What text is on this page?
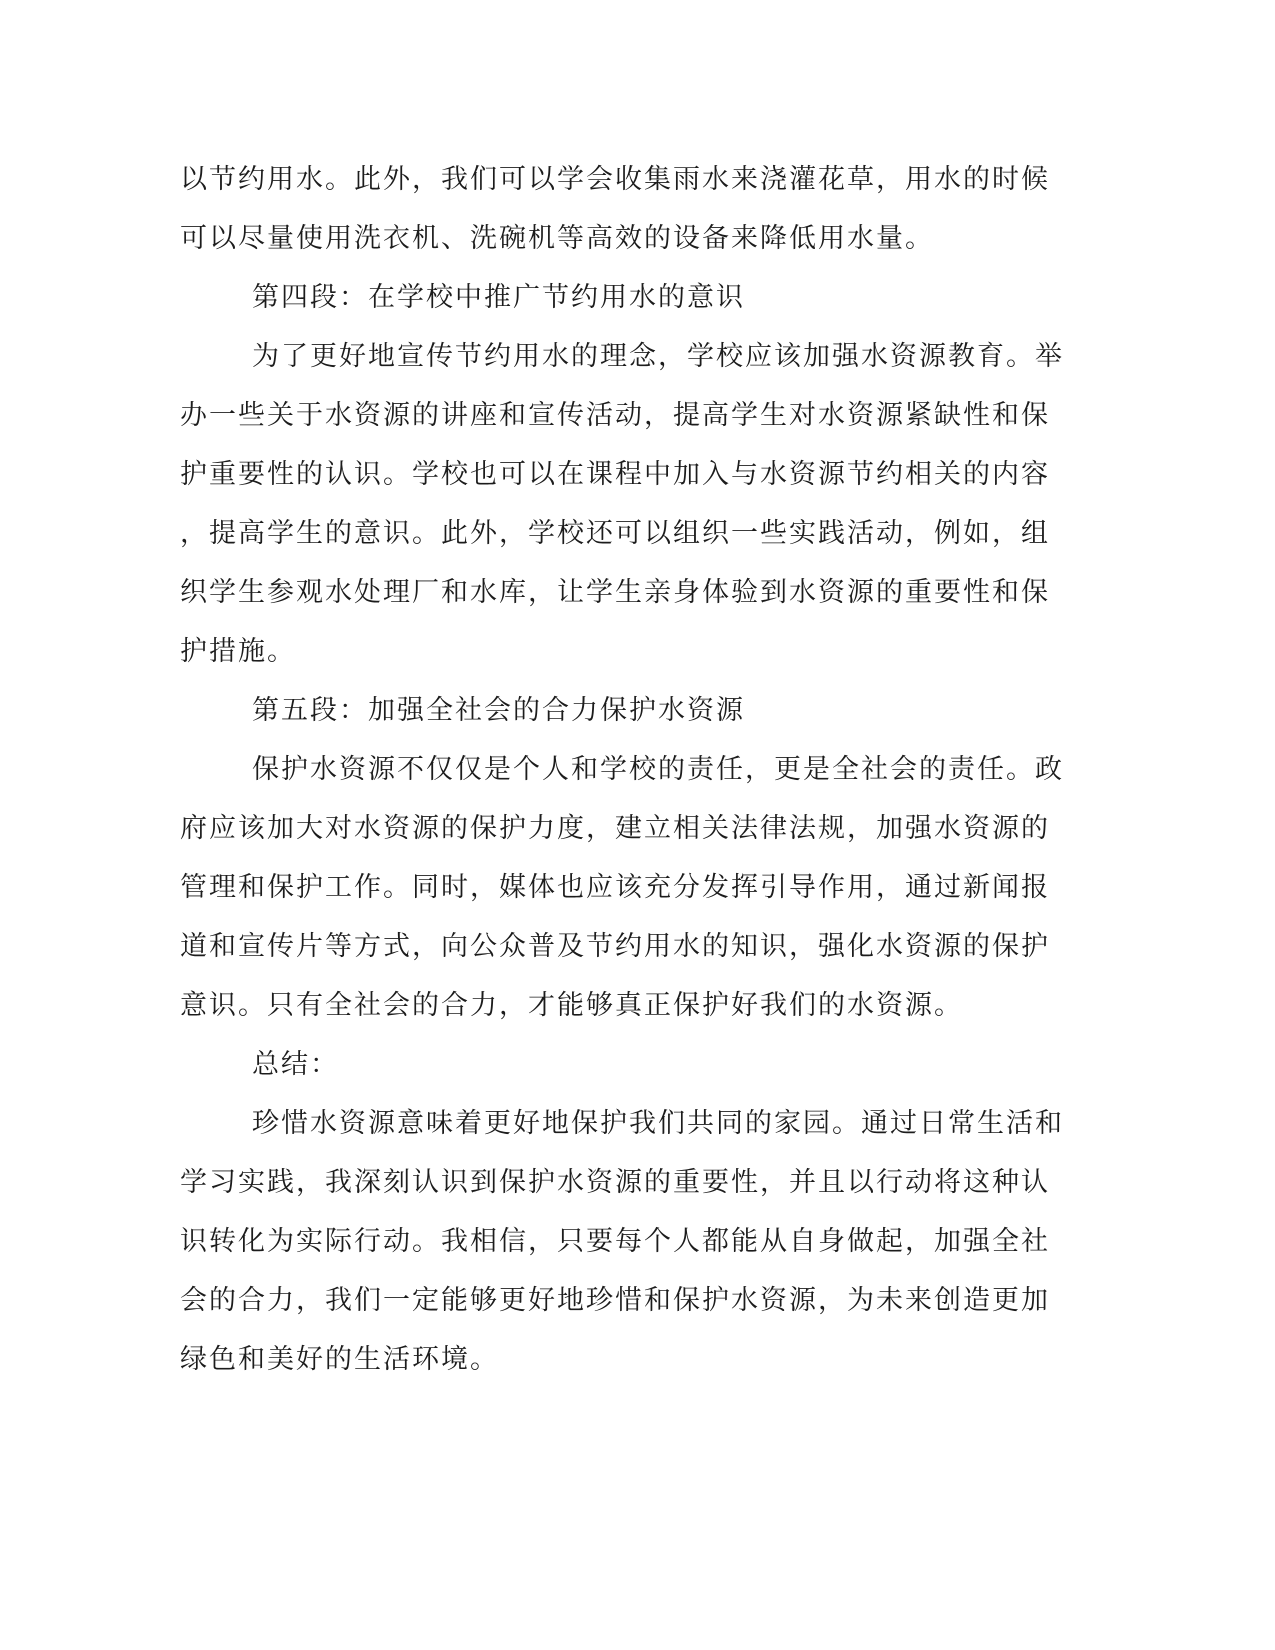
以节约用水。此外，我们可以学会收集雨水来浇灌花草，用水的时候
可以尽量使用洗衣机、洗碗机等高效的设备来降低用水量。
第四段：在学校中推广节约用水的意识
为了更好地宣传节约用水的理念，学校应该加强水资源教育。举
办一些关于水资源的讲座和宣传活动，提高学生对水资源紧缺性和保
护重要性的认识。学校也可以在课程中加入与水资源节约相关的内容
，提高学生的意识。此外，学校还可以组织一些实践活动，例如，组
织学生参观水处理厂和水库，让学生亲身体验到水资源的重要性和保
护措施。
第五段：加强全社会的合力保护水资源
保护水资源不仅仅是个人和学校的责任，更是全社会的责任。政
府应该加大对水资源的保护力度，建立相关法律法规，加强水资源的
管理和保护工作。同时，媒体也应该充分发挥引导作用，通过新闻报
道和宣传片等方式，向公众普及节约用水的知识，强化水资源的保护
意识。只有全社会的合力，才能够真正保护好我们的水资源。
总结：
珍惜水资源意味着更好地保护我们共同的家园。通过日常生活和
学习实践，我深刻认识到保护水资源的重要性，并且以行动将这种认
识转化为实际行动。我相信，只要每个人都能从自身做起，加强全社
会的合力，我们一定能够更好地珍惜和保护水资源，为未来创造更加
绿色和美好的生活环境。
